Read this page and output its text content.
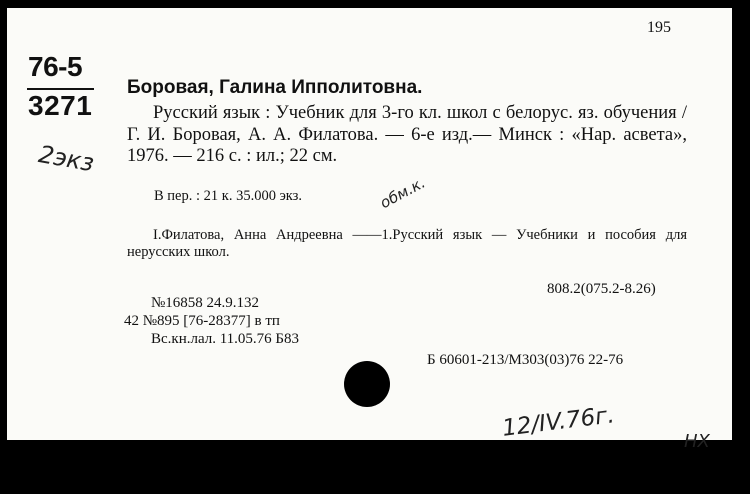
195
76-5
3271
2экз
Боровая, Галина Ипполитовна.
Русский язык : Учебник для 3-го кл. школ с белорус. яз. обучения / Г. И. Боровая, А. А. Филатова. — 6-е изд.— Минск : «Нар. асвета», 1976. — 216 с. : ил.; 22 см.
В пер. : 21 к. 35.000 экз.	обм.к.
I.Филатова, Анна Андреевна ——1.Русский язык — Учебники и пособия для нерусских школ.
808.2(075.2-8.26)
№16858 24.9.132
42 №895 [76-28377] в тп
Вс.кн.лал. 11.05.76 Б83
Б 60601-213/М303(03)76 22-76
12/IV.76г.	НХ
